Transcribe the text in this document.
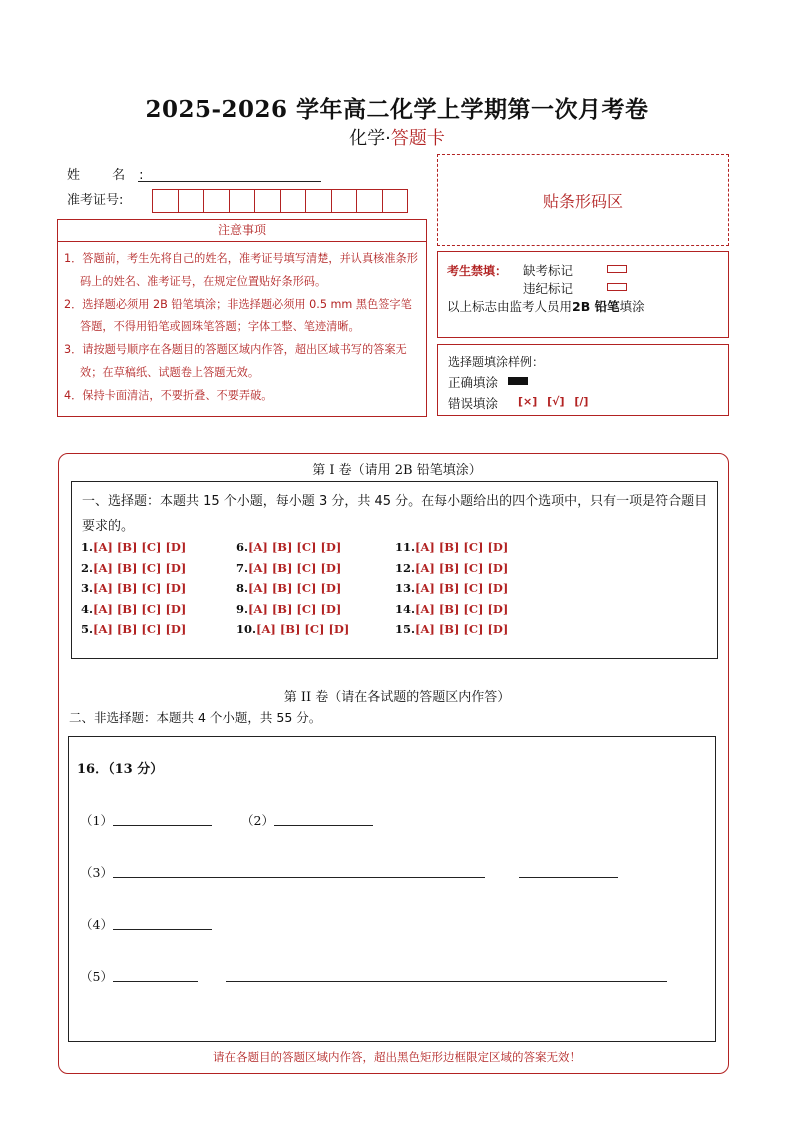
2025-2026 学年高二化学上学期第一次月考卷
化学·答题卡
姓 名:
准考证号:	贴条形码区
注意事项
1．答题前，考生先将自己的姓名，准考证号填写清楚，并认真核准条形码上的姓名、准考证号，在规定位置贴好条形码。
2．选择题必须用 2B 铅笔填涂；非选择题必须用 0.5 mm 黑色签字笔答题，不得用铅笔或圆珠笔答题；字体工整、笔迹清晰。
3．请按题号顺序在各题目的答题区域内作答，超出区域书写的答案无效；在草稿纸、试题卷上答题无效。
4．保持卡面清洁，不要折叠、不要弄破。
考生禁填： 缺考标记
违纪标记
以上标志由监考人员用2B 铅笔填涂
选择题填涂样例：
正确填涂
错误填涂 [×] [√] [/]
第 I 卷（请用 2B 铅笔填涂）
一、选择题：本题共 15 个小题，每小题 3 分，共 45 分。在每小题给出的四个选项中，只有一项是符合题目要求的。
1.[A] [B] [C] [D]
2.[A] [B] [C] [D]
3.[A] [B] [C] [D]
4.[A] [B] [C] [D]
5.[A] [B] [C] [D]
6.[A] [B] [C] [D]
7.[A] [B] [C] [D]
8.[A] [B] [C] [D]
9.[A] [B] [C] [D]
10.[A] [B] [C] [D]
11.[A] [B] [C] [D]
12.[A] [B] [C] [D]
13.[A] [B] [C] [D]
14.[A] [B] [C] [D]
15.[A] [B] [C] [D]
第 II 卷（请在各试题的答题区内作答）
二、非选择题：本题共 4 个小题，共 55 分。
16．（13 分）
（1）	（2）
（3）
（4）
（5）
请在各题目的答题区域内作答，超出黑色矩形边框限定区域的答案无效！
